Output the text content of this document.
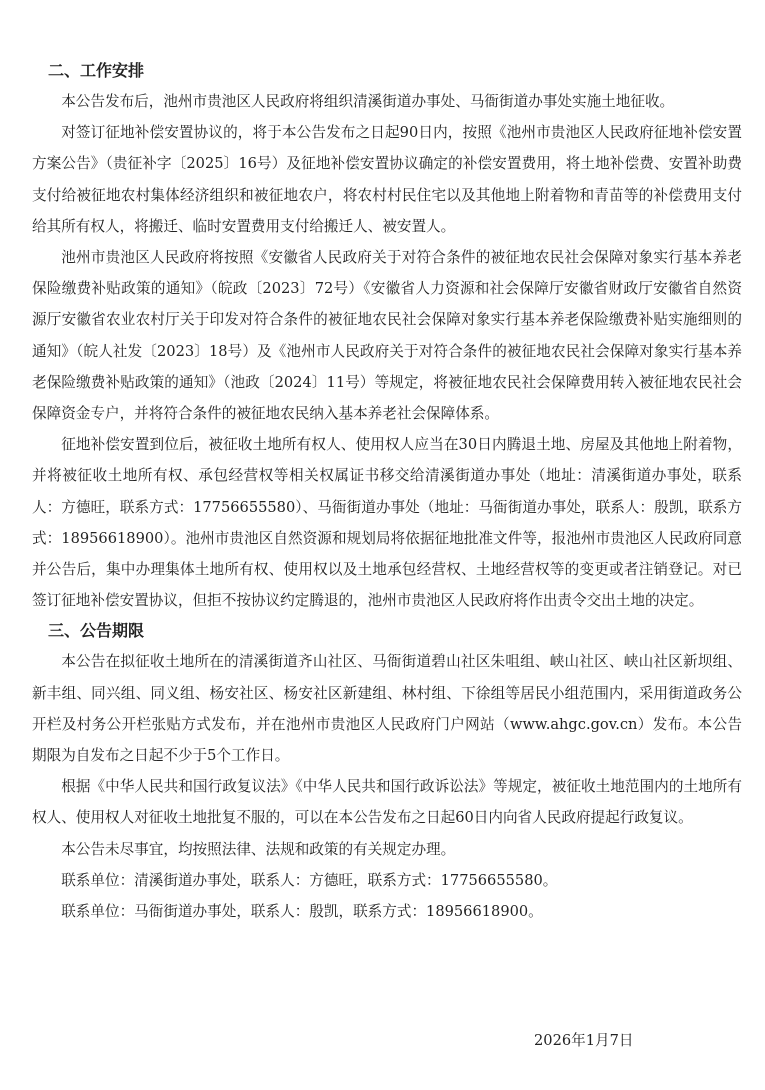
二、工作安排

本公告发布后，池州市贵池区人民政府将组织清溪街道办事处、马衙街道办事处实施土地征收。

对签订征地补偿安置协议的，将于本公告发布之日起90日内，按照《池州市贵池区人民政府征地补偿安置方案公告》（贵征补字〔2025〕16号）及征地补偿安置协议确定的补偿安置费用，将土地补偿费、安置补助费支付给被征地农村集体经济组织和被征地农户，将农村村民住宅以及其他地上附着物和青苗等的补偿费用支付给其所有权人，将搬迁、临时安置费用支付给搬迁人、被安置人。

池州市贵池区人民政府将按照《安徽省人民政府关于对符合条件的被征地农民社会保障对象实行基本养老保险缴费补贴政策的通知》（皖政〔2023〕72号）《安徽省人力资源和社会保障厅安徽省财政厅安徽省自然资源厅安徽省农业农村厅关于印发对符合条件的被征地农民社会保障对象实行基本养老保险缴费补贴实施细则的通知》（皖人社发〔2023〕18号）及《池州市人民政府关于对符合条件的被征地农民社会保障对象实行基本养老保险缴费补贴政策的通知》（池政〔2024〕11号）等规定，将被征地农民社会保障费用转入被征地农民社会保障资金专户，并将符合条件的被征地农民纳入基本养老社会保障体系。

征地补偿安置到位后，被征收土地所有权人、使用权人应当在30日内腾退土地、房屋及其他地上附着物，并将被征收土地所有权、承包经营权等相关权属证书移交给清溪街道办事处（地址：清溪街道办事处，联系人：方德旺，联系方式：17756655580）、马衙街道办事处（地址：马衙街道办事处，联系人：殷凯，联系方式：18956618900）。池州市贵池区自然资源和规划局将依据征地批准文件等，报池州市贵池区人民政府同意并公告后，集中办理集体土地所有权、使用权以及土地承包经营权、土地经营权等的变更或者注销登记。对已签订征地补偿安置协议，但拒不按协议约定腾退的，池州市贵池区人民政府将作出责令交出土地的决定。

三、公告期限

本公告在拟征收土地所在的清溪街道齐山社区、马衙街道碧山社区朱咀组、峡山社区、峡山社区新坝组、新丰组、同兴组、同义组、杨安社区、杨安社区新建组、林村组、下徐组等居民小组范围内，采用街道政务公开栏及村务公开栏张贴方式发布，并在池州市贵池区人民政府门户网站（www.ahgc.gov.cn）发布。本公告期限为自发布之日起不少于5个工作日。

根据《中华人民共和国行政复议法》《中华人民共和国行政诉讼法》等规定，被征收土地范围内的土地所有权人、使用权人对征收土地批复不服的，可以在本公告发布之日起60日内向省人民政府提起行政复议。

本公告未尽事宜，均按照法律、法规和政策的有关规定办理。

联系单位：清溪街道办事处，联系人：方德旺，联系方式：17756655580。

联系单位：马衙街道办事处，联系人：殷凯，联系方式：18956618900。

2026年1月7日
